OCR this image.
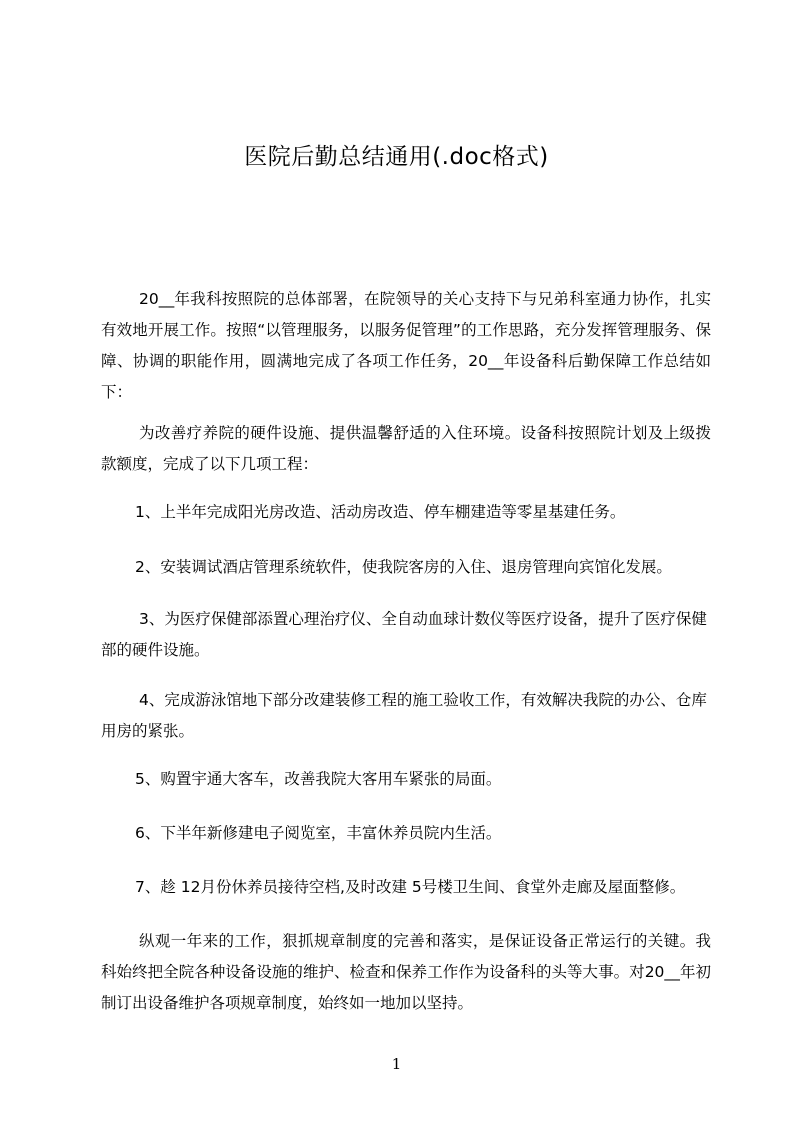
医院后勤总结通用(.doc格式)

20__年我科按照院的总体部署，在院领导的关心支持下与兄弟科室通力协作，扎实有效地开展工作。按照“以管理服务，以服务促管理”的工作思路，充分发挥管理服务、保障、协调的职能作用，圆满地完成了各项工作任务，20__年设备科后勤保障工作总结如下：

为改善疗养院的硬件设施、提供温馨舒适的入住环境。设备科按照院计划及上级拨款额度，完成了以下几项工程：

1、上半年完成阳光房改造、活动房改造、停车棚建造等零星基建任务。

2、安装调试酒店管理系统软件，使我院客房的入住、退房管理向宾馆化发展。

3、为医疗保健部添置心理治疗仪、全自动血球计数仪等医疗设备，提升了医疗保健部的硬件设施。

4、完成游泳馆地下部分改建装修工程的施工验收工作，有效解决我院的办公、仓库用房的紧张。

5、购置宇通大客车，改善我院大客用车紧张的局面。

6、下半年新修建电子阅览室，丰富休养员院内生活。

7、趁 12月份休养员接待空档,及时改建 5号楼卫生间、食堂外走廊及屋面整修。

纵观一年来的工作，狠抓规章制度的完善和落实，是保证设备正常运行的关键。我科始终把全院各种设备设施的维护、检查和保养工作作为设备科的头等大事。对20__年初制订出设备维护各项规章制度，始终如一地加以坚持。

1
